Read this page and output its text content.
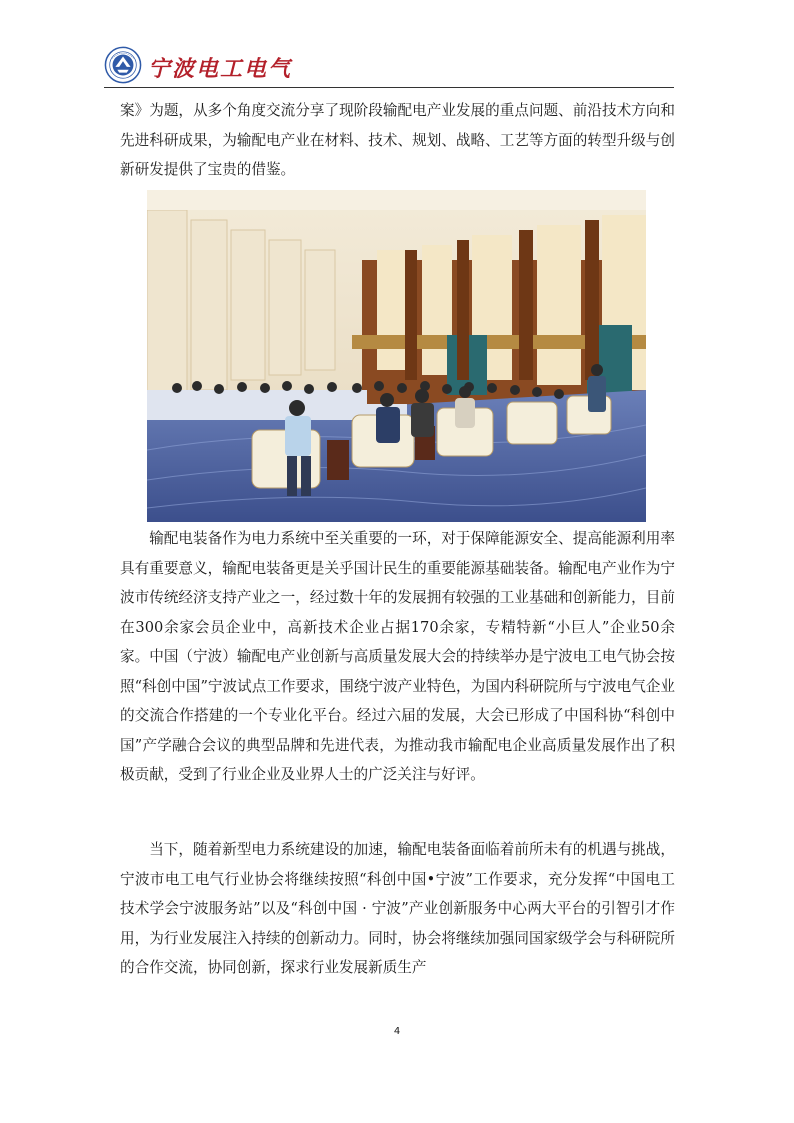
宁波电工电气

案》为题，从多个角度交流分享了现阶段输配电产业发展的重点问题、前沿技术方向和先进科研成果，为输配电产业在材料、技术、规划、战略、工艺等方面的转型升级与创新研发提供了宝贵的借鉴。

输配电装备作为电力系统中至关重要的一环，对于保障能源安全、提高能源利用率具有重要意义，输配电装备更是关乎国计民生的重要能源基础装备。输配电产业作为宁波市传统经济支持产业之一，经过数十年的发展拥有较强的工业基础和创新能力，目前在300余家会员企业中，高新技术企业占据170余家，专精特新“小巨人”企业50余家。中国（宁波）输配电产业创新与高质量发展大会的持续举办是宁波电工电气协会按照“科创中国”宁波试点工作要求，围绕宁波产业特色，为国内科研院所与宁波电气企业的交流合作搭建的一个专业化平台。经过六届的发展，大会已形成了中国科协“科创中国”产学融合会议的典型品牌和先进代表，为推动我市输配电企业高质量发展作出了积极贡献，受到了行业企业及业界人士的广泛关注与好评。

当下，随着新型电力系统建设的加速，输配电装备面临着前所未有的机遇与挑战，宁波市电工电气行业协会将继续按照“科创中国•宁波”工作要求，充分发挥“中国电工技术学会宁波服务站”以及“科创中国 · 宁波”产业创新服务中心两大平台的引智引才作用，为行业发展注入持续的创新动力。同时，协会将继续加强同国家级学会与科研院所的合作交流，协同创新，探求行业发展新质生产

4
